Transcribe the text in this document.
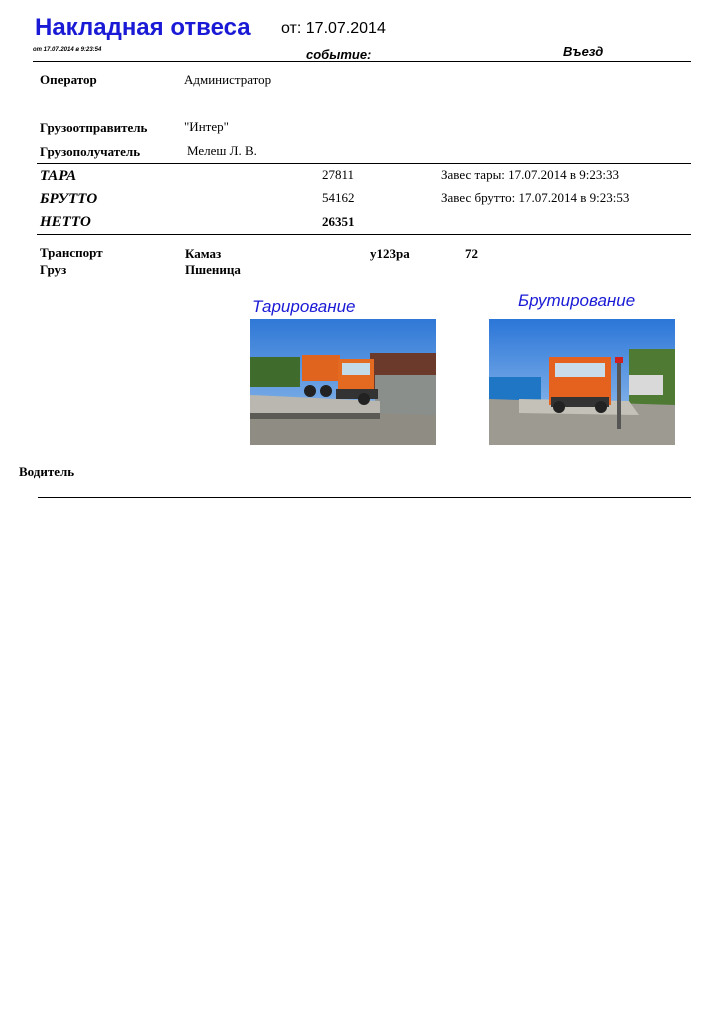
Накладная отвеса от: 17.07.2014
от 17.07.2014 в 9:23:54	событие:	Въезд
Оператор	Администратор
Грузоотправитель	"Интер"
Грузополучатель	Мелеш Л. В.
ТАРА	27811	Завес тары: 17.07.2014 в 9:23:33
БРУТТО	54162	Завес брутто: 17.07.2014 в 9:23:53
НЕТТО	26351
Транспорт	Камаз	у123ра	72
Груз	Пшеница
Тарирование	Брутирование
Водитель
